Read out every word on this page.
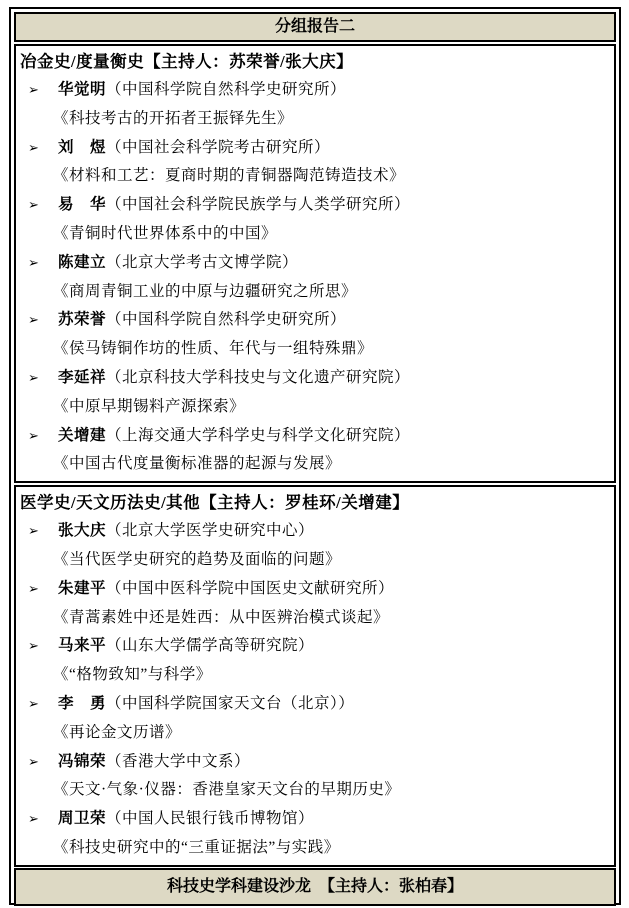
分组报告二
冶金史/度量衡史【主持人：苏荣誉/张大庆】
➢	华觉明 （中国科学院自然科学史研究所）
《科技考古的开拓者王振铎先生》
➢	刘　煜 （中国社会科学院考古研究所）
《材料和工艺：夏商时期的青铜器陶范铸造技术》
➢	易　华 （中国社会科学院民族学与人类学研究所）
《青铜时代世界体系中的中国》
➢	陈建立 （北京大学考古文博学院）
《商周青铜工业的中原与边疆研究之所思》
➢	苏荣誉 （中国科学院自然科学史研究所）
《侯马铸铜作坊的性质、年代与一组特殊鼎》
➢	李延祥 （北京科技大学科技史与文化遗产研究院）
《中原早期锡料产源探索》
➢	关增建 （上海交通大学科学史与科学文化研究院）
《中国古代度量衡标准器的起源与发展》
医学史/天文历法史/其他【主持人：罗桂环/关增建】
➢	张大庆 （北京大学医学史研究中心）
《当代医学史研究的趋势及面临的问题》
➢	朱建平 （中国中医科学院中国医史文献研究所）
《青蒿素姓中还是姓西：从中医辨治模式谈起》
➢	马来平 （山东大学儒学高等研究院）
《“格物致知”与科学》
➢	李　勇 （中国科学院国家天文台（北京））
《再论金文历谱》
➢	冯锦荣 （香港大学中文系）
《天文·气象·仪器：香港皇家天文台的早期历史》
➢	周卫荣 （中国人民银行钱币博物馆）
《科技史研究中的“三重证据法”与实践》
科技史学科建设沙龙　【主持人：张柏春】
